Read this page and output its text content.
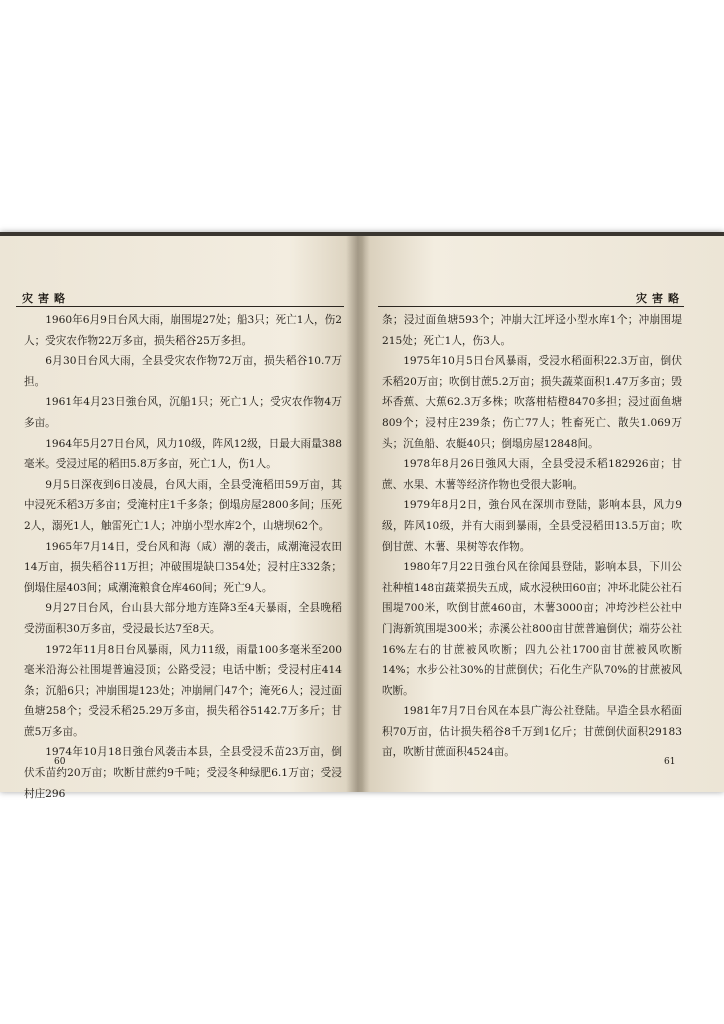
灾害略

1960年6月9日台风大雨，崩围堤27处；船3只；死亡1人，伤2人；受灾农作物22万多亩，损失稻谷25万多担。

6月30日台风大雨，全县受灾农作物72万亩，损失稻谷10.7万担。

1961年4月23日強台风，沉船1只；死亡1人；受灾农作物4万多亩。

1964年5月27日台风，风力10级，阵风12级，日最大雨量388毫米。受浸过尾的稻田5.8万多亩，死亡1人，伤1人。

9月5日深夜到6日凌晨，台风大雨，全县受淹稻田59万亩，其中浸死禾稻3万多亩；受淹村庄1千多条；倒塌房屋2800多间；压死2人，溺死1人，触雷死亡1人；冲崩小型水库2个，山塘坝62个。

1965年7月14日，受台风和海（咸）潮的袭击，咸潮淹浸农田14万亩，损失稻谷11万担；冲破围堤缺口354处；浸村庄332条；倒塌住屋403间；咸潮淹粮食仓库460间；死亡9人。

9月27日台风，台山县大部分地方连降3至4天暴雨，全县晚稻受涝面积30万多亩，受浸最长达7至8天。

1972年11月8日台风暴雨，风力11级，雨量100多毫米至200毫米沿海公社围堤普遍浸顶；公路受浸；电话中断；受浸村庄414条；沉船6只；冲崩围堤123处；冲崩闸门47个；淹死6人；浸过面鱼塘258个；受浸禾稻25.29万多亩，损失稻谷5142.7万多斤；甘蔗5万多亩。

1974年10月18日強台风袭击本县，全县受浸禾苗23万亩，倒伏禾苗约20万亩；吹断甘蔗约9千吨；受浸冬种绿肥6.1万亩；受浸村庄296

60
灾害略

条；浸过面鱼塘593个；冲崩大江坪迳小型水库1个；冲崩围堤215处；死亡1人，伤3人。

1975年10月5日台风暴雨，受浸水稻面积22.3万亩，倒伏禾稻20万亩；吹倒甘蔗5.2万亩；损失蔬菜面积1.47万多亩；毁坏香蕉、大蕉62.3万多株；吹落柑桔橙8470多担；浸过面鱼塘809个；浸村庄239条；伤亡77人；牲畜死亡、散失1.069万头；沉鱼船、农艇40只；倒塌房屋12848间。

1978年8月26日強风大雨，全县受浸禾稻182926亩；甘蔗、水果、木薯等经济作物也受很大影响。

1979年8月2日，強台风在深圳市登陆，影响本县，风力9级，阵风10级，并有大雨到暴雨，全县受浸稻田13.5万亩；吹倒甘蔗、木薯、果树等农作物。

1980年7月22日強台风在徐闻县登陆，影响本县，下川公社种植148亩蔬菜损失五成，咸水浸秧田60亩；冲坏北陡公社石围堤700米，吹倒甘蔗460亩，木薯3000亩；冲垮沙栏公社中门海新筑围堤300米；赤溪公社800亩甘蔗普遍倒伏；端芬公社16%左右的甘蔗被风吹断；四九公社1700亩甘蔗被风吹断14%；水步公社30%的甘蔗倒伏；石化生产队70%的甘蔗被风吹断。

1981年7月7日台风在本县广海公社登陆。早造全县水稻面积70万亩，估计损失稻谷8千万到1亿斤；甘蔗倒伏面积29183亩，吹断甘蔗面积4524亩。

61
